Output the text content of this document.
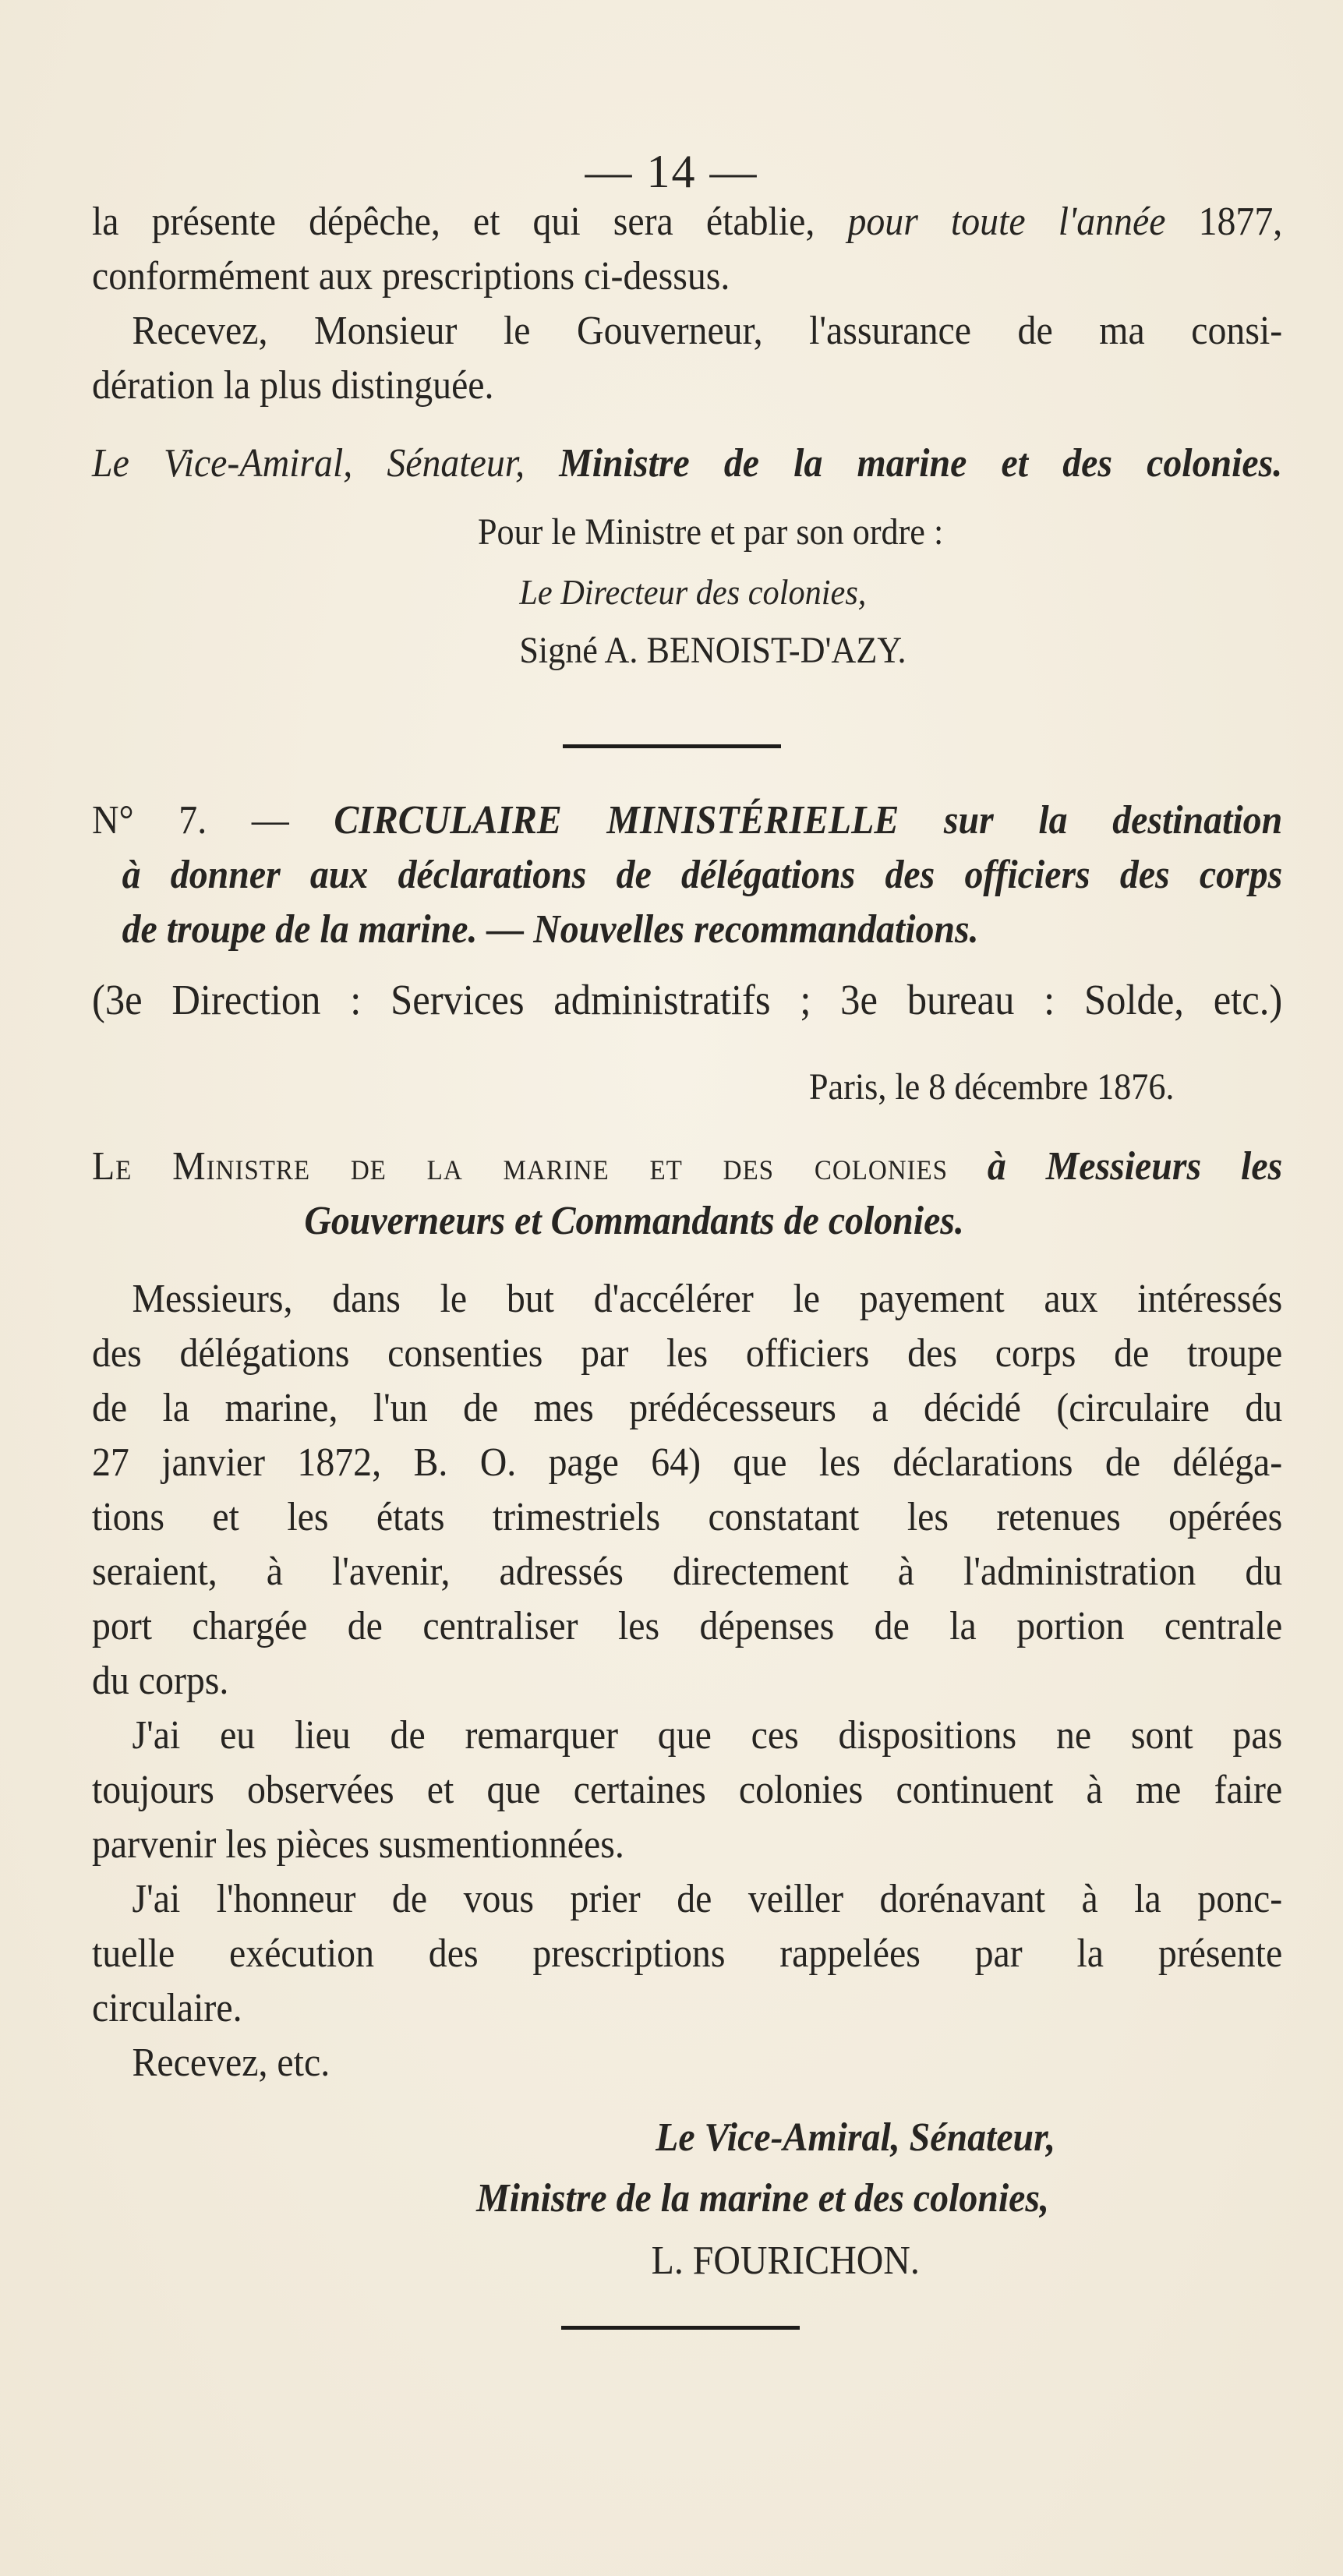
— 14 —

la présente dépêche, et qui sera établie, pour toute l'année 1877,

conformément aux prescriptions ci-dessus.

Recevez, Monsieur le Gouverneur, l'assurance de ma consi-

dération la plus distinguée.

Le Vice-Amiral, Sénateur, Ministre de la marine et des colonies.

Pour le Ministre et par son ordre :

Le Directeur des colonies,

Signé A. BENOIST-D'AZY.

N° 7. — CIRCULAIRE MINISTÉRIELLE sur la destination

à donner aux déclarations de délégations des officiers des corps

de troupe de la marine. — Nouvelles recommandations.

(3e Direction : Services administratifs ; 3e bureau : Solde, etc.)

Paris, le 8 décembre 1876.

Le Ministre de la marine et des colonies à Messieurs les

Gouverneurs et Commandants de colonies.

Messieurs, dans le but d'accélérer le payement aux intéressés

des délégations consenties par les officiers des corps de troupe

de la marine, l'un de mes prédécesseurs a décidé (circulaire du

27 janvier 1872, B. O. page 64) que les déclarations de déléga-

tions et les états trimestriels constatant les retenues opérées

seraient, à l'avenir, adressés directement à l'administration du

port chargée de centraliser les dépenses de la portion centrale

du corps.

J'ai eu lieu de remarquer que ces dispositions ne sont pas

toujours observées et que certaines colonies continuent à me faire

parvenir les pièces susmentionnées.

J'ai l'honneur de vous prier de veiller dorénavant à la ponc-

tuelle exécution des prescriptions rappelées par la présente

circulaire.

Recevez, etc.

Le Vice-Amiral, Sénateur,

Ministre de la marine et des colonies,

L. FOURICHON.
